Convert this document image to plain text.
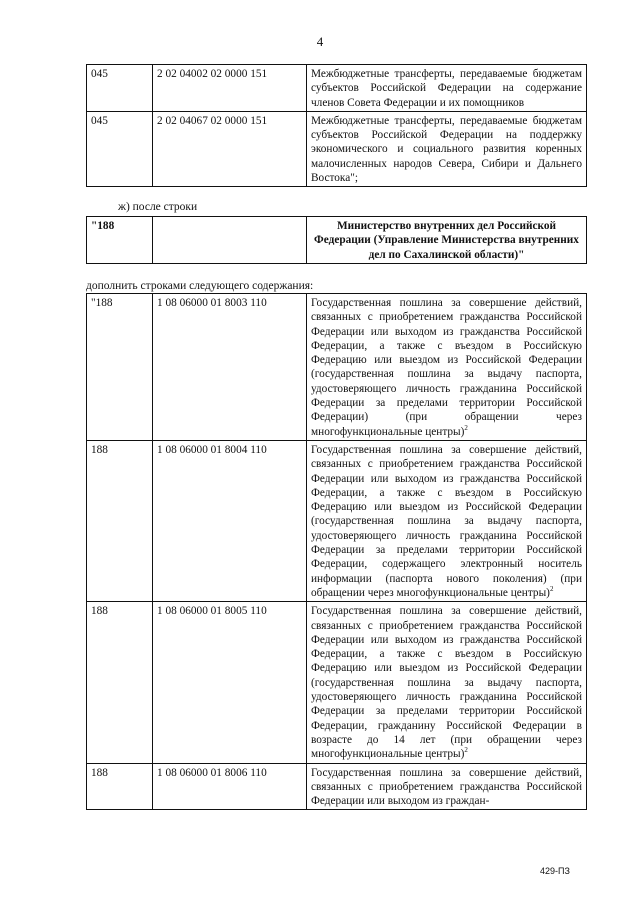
4
045	2 02 04002 02 0000 151	Межбюджетные трансферты, передаваемые бюджетам субъектов Российской Федерации на содержание членов Совета Федерации и их помощников
045	2 02 04067 02 0000 151	Межбюджетные трансферты, передаваемые бюджетам субъектов Российской Федерации на поддержку экономического и социального развития коренных малочисленных народов Севера, Сибири и Дальнего Востока";
ж) после строки
"188		Министерство внутренних дел Российской Федерации (Управление Министерства внутренних дел по Сахалинской области)"
дополнить строками следующего содержания:
"188	1 08 06000 01 8003 110	Государственная пошлина за совершение действий, связанных с приобретением гражданства Российской Федерации или выходом из гражданства Российской Федерации, а также с въездом в Российскую Федерацию или выездом из Российской Федерации (государственная пошлина за выдачу паспорта, удостоверяющего личность гражданина Российской Федерации за пределами территории Российской Федерации) (при обращении через многофункциональные центры)$^2$
188	1 08 06000 01 8004 110	Государственная пошлина за совершение действий, связанных с приобретением гражданства Российской Федерации или выходом из гражданства Российской Федерации, а также с въездом в Российскую Федерацию или выездом из Российской Федерации (государственная пошлина за выдачу паспорта, удостоверяющего личность гражданина Российской Федерации за пределами территории Российской Федерации, содержащего электронный носитель информации (паспорта нового поколения) (при обращении через многофункциональные центры)$^2$
188	1 08 06000 01 8005 110	Государственная пошлина за совершение действий, связанных с приобретением гражданства Российской Федерации или выходом из гражданства Российской Федерации, а также с въездом в Российскую Федерацию или выездом из Российской Федерации (государственная пошлина за выдачу паспорта, удостоверяющего личность гражданина Российской Федерации за пределами территории Российской Федерации, гражданину Российской Федерации в возрасте до 14 лет (при обращении через многофункциональные центры)$^2$
188	1 08 06000 01 8006 110	Государственная пошлина за совершение действий, связанных с приобретением гражданства Российской Федерации или выходом из граждан-
429-ПЗ
